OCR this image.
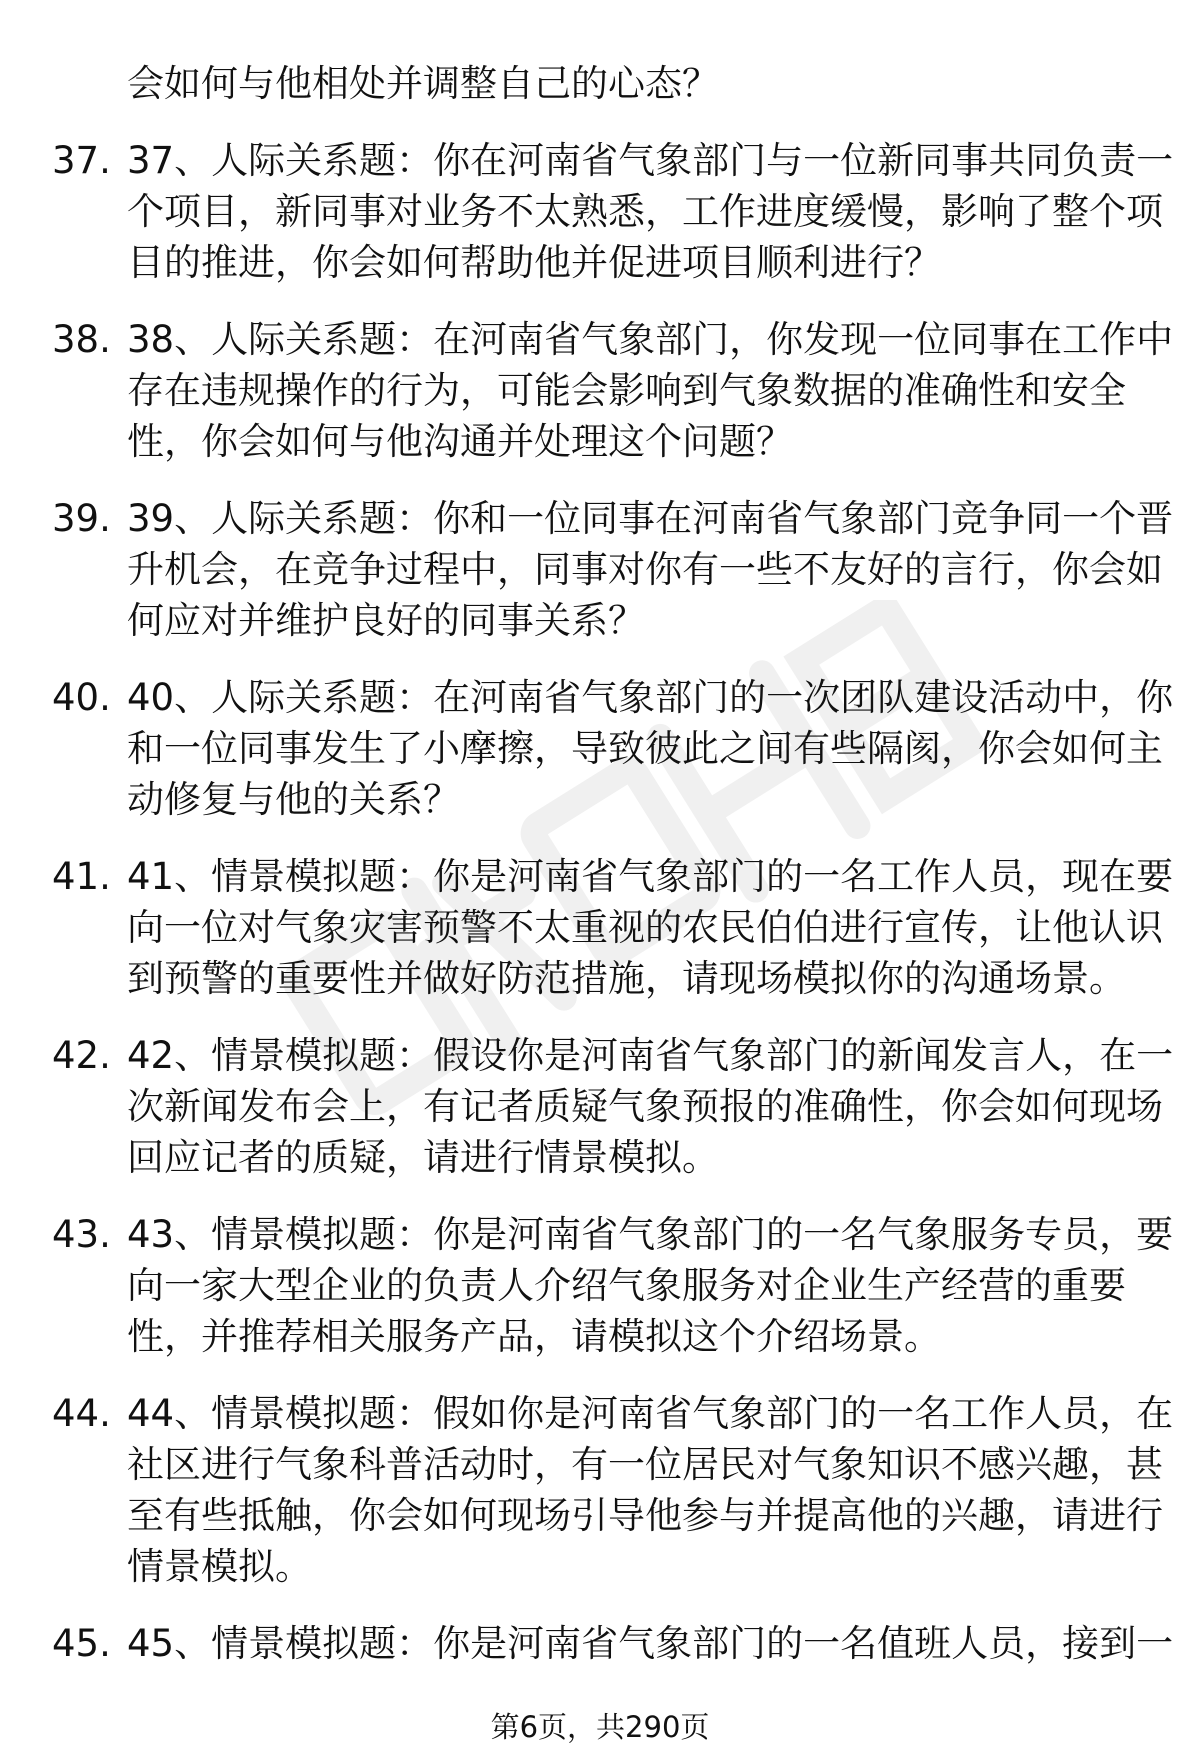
会如何与他相处并调整自己的心态？

37. 37、人际关系题：你在河南省气象部门与一位新同事共同负责一
个项目，新同事对业务不太熟悉，工作进度缓慢，影响了整个项
目的推进，你会如何帮助他并促进项目顺利进行？
38. 38、人际关系题：在河南省气象部门，你发现一位同事在工作中
存在违规操作的行为，可能会影响到气象数据的准确性和安全
性，你会如何与他沟通并处理这个问题？
39. 39、人际关系题：你和一位同事在河南省气象部门竞争同一个晋
升机会，在竞争过程中，同事对你有一些不友好的言行，你会如
何应对并维护良好的同事关系？
40. 40、人际关系题：在河南省气象部门的一次团队建设活动中，你
和一位同事发生了小摩擦，导致彼此之间有些隔阂，你会如何主
动修复与他的关系？
41. 41、情景模拟题：你是河南省气象部门的一名工作人员，现在要
向一位对气象灾害预警不太重视的农民伯伯进行宣传，让他认识
到预警的重要性并做好防范措施，请现场模拟你的沟通场景。
42. 42、情景模拟题：假设你是河南省气象部门的新闻发言人，在一
次新闻发布会上，有记者质疑气象预报的准确性，你会如何现场
回应记者的质疑，请进行情景模拟。
43. 43、情景模拟题：你是河南省气象部门的一名气象服务专员，要
向一家大型企业的负责人介绍气象服务对企业生产经营的重要
性，并推荐相关服务产品，请模拟这个介绍场景。
44. 44、情景模拟题：假如你是河南省气象部门的一名工作人员，在
社区进行气象科普活动时，有一位居民对气象知识不感兴趣，甚
至有些抵触，你会如何现场引导他参与并提高他的兴趣，请进行
情景模拟。
45. 45、情景模拟题：你是河南省气象部门的一名值班人员，接到一
第6页，共290页
